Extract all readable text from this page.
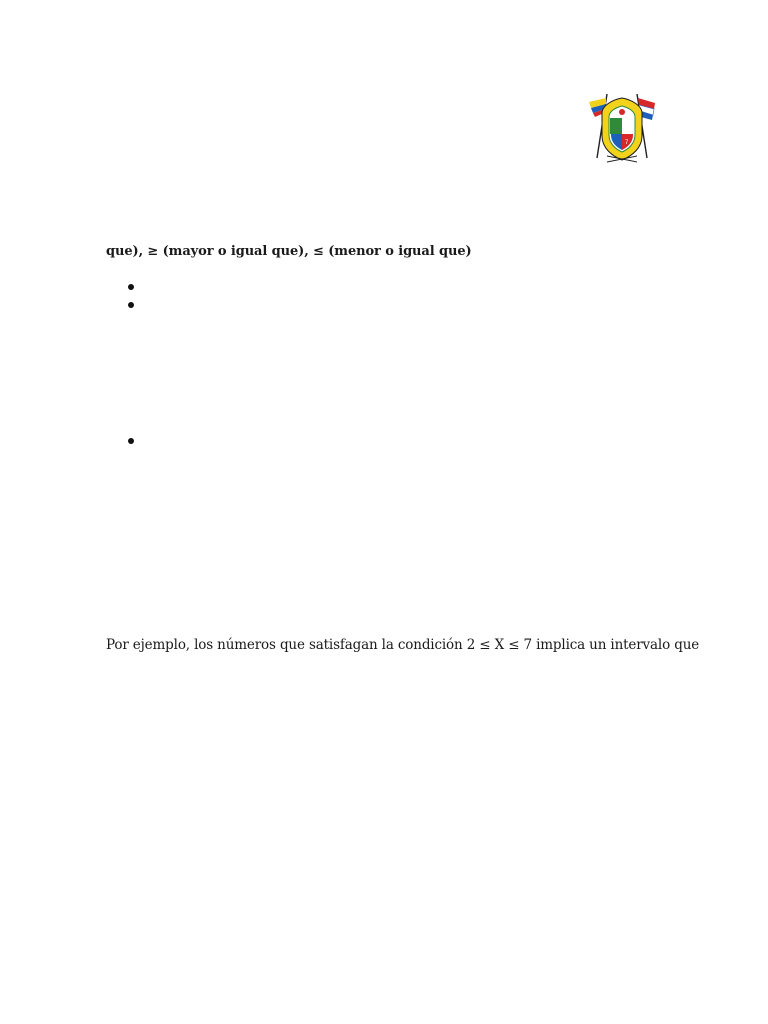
7
que), ≥ (mayor o igual que), ≤ (menor o igual que)
Por ejemplo, los números que satisfagan la condición 2 ≤ X ≤ 7 implica un intervalo que
